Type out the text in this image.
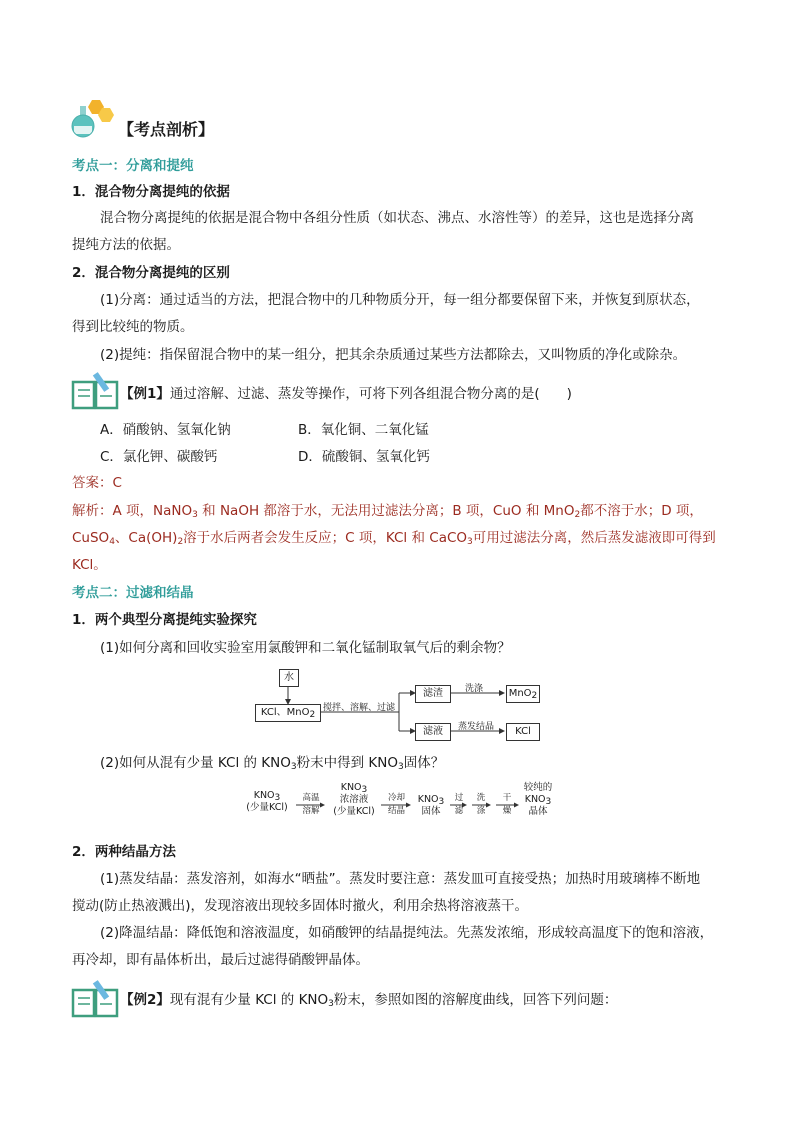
【考点剖析】
考点一：分离和提纯
1．混合物分离提纯的依据
混合物分离提纯的依据是混合物中各组分性质（如状态、沸点、水溶性等）的差异，这也是选择分离
提纯方法的依据。
2．混合物分离提纯的区别
(1)分离：通过适当的方法，把混合物中的几种物质分开，每一组分都要保留下来，并恢复到原状态，
得到比较纯的物质。
(2)提纯：指保留混合物中的某一组分，把其余杂质通过某些方法都除去，又叫物质的净化或除杂。
【例1】通过溶解、过滤、蒸发等操作，可将下列各组混合物分离的是(　　)
A．硝酸钠、氢氧化钠	B．氧化铜、二氧化锰
C．氯化钾、碳酸钙	D．硫酸铜、氢氧化钙
答案：C
解析：A 项，NaNO$_3$ 和 NaOH 都溶于水，无法用过滤法分离；B 项，CuO 和 MnO$_2$都不溶于水；D 项，
CuSO$_4$、$Ca(OH)_2$溶于水后两者会发生反应；C 项，KCl 和 CaCO$_3$可用过滤法分离，然后蒸发滤液即可得到
KCl。
考点二：过滤和结晶
1．两个典型分离提纯实验探究
(1)如何分离和回收实验室用氯酸钾和二氧化锰制取氧气后的剩余物？
水
KCl、MnO$_2$
搅拌、溶解、过滤
滤渣
滤液
洗涤
蒸发结晶
MnO$_2$
KCl
(2)如何从混有少量 KCl 的 $KNO_3$粉末中得到 $KNO_3$固体？
$KNO_3$
(少量KCl)
高温
溶解
$KNO_3$
浓溶液
(少量KCl)
冷却
结晶
$KNO_3$
固体
过
滤
洗
涤
干
燥
较纯的
$KNO_3$
晶体
2．两种结晶方法
(1)蒸发结晶：蒸发溶剂，如海水“晒盐”。蒸发时要注意：蒸发皿可直接受热；加热时用玻璃棒不断地
搅动(防止热液溅出)，发现溶液出现较多固体时撤火，利用余热将溶液蒸干。
(2)降温结晶：降低饱和溶液温度，如硝酸钾的结晶提纯法。先蒸发浓缩，形成较高温度下的饱和溶液，
再冷却，即有晶体析出，最后过滤得硝酸钾晶体。
【例2】现有混有少量 KCl 的 $KNO_3$粉末，参照如图的溶解度曲线，回答下列问题：
